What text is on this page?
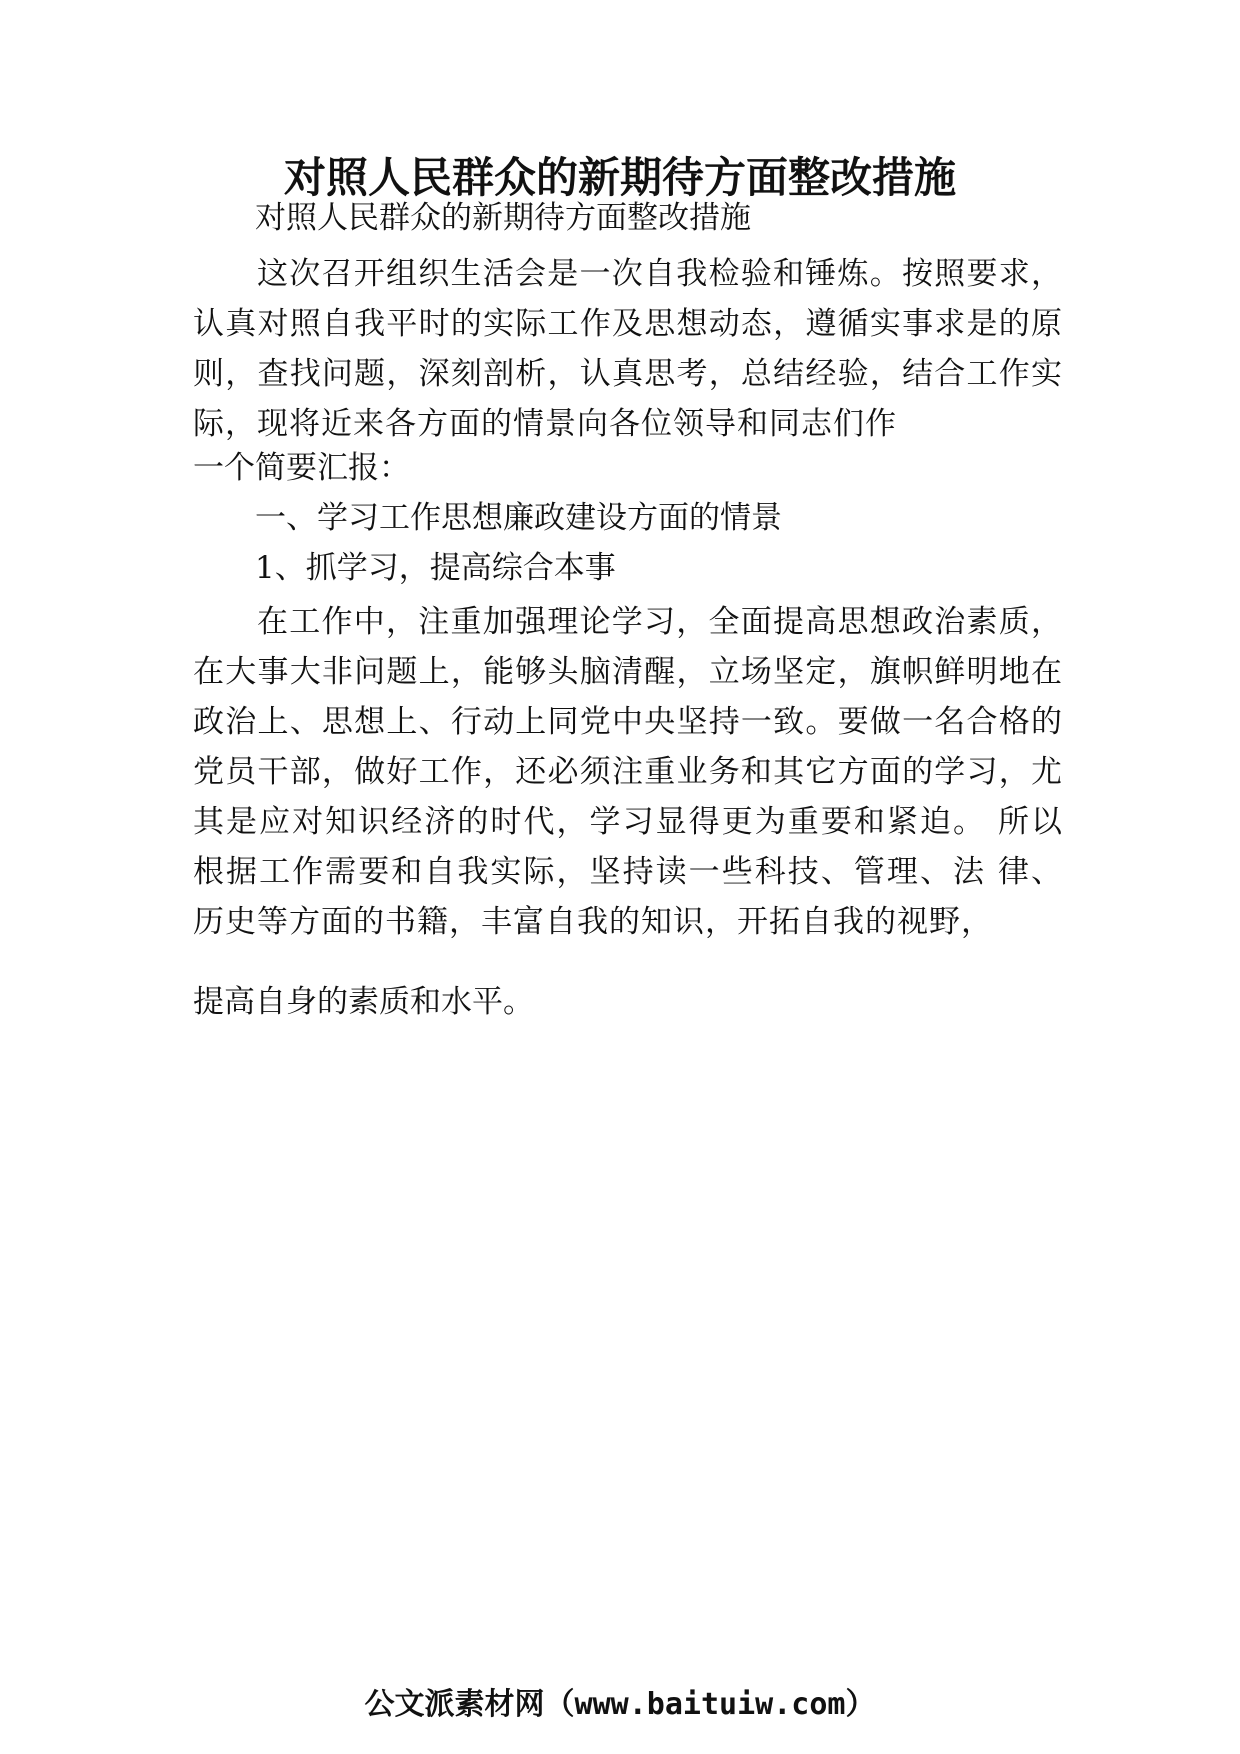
对照人民群众的新期待方面整改措施
对照人民群众的新期待方面整改措施
这次召开组织生活会是一次自我检验和锤炼。按照要求，认真对照自我平时的实际工作及思想动态，遵循实事求是的原则，查找问题，深刻剖析，认真思考，总结经验，结合工作实际，现将近来各方面的情景向各位领导和同志们作
一个简要汇报：
一、学习工作思想廉政建设方面的情景
1、抓学习，提高综合本事
在工作中，注重加强理论学习，全面提高思想政治素质，在大事大非问题上，能够头脑清醒，立场坚定，旗帜鲜明地在政治上、思想上、行动上同党中央坚持一致。要做一名合格的党员干部，做好工作，还必须注重业务和其它方面的学习，尤其是应对知识经济的时代，学习显得更为重要和紧迫。 所以根据工作需要和自我实际，坚持读一些科技、管理、法 律、历史等方面的书籍，丰富自我的知识，开拓自我的视野，
提高自身的素质和水平。
公文派素材网（www.baituiw.com）
